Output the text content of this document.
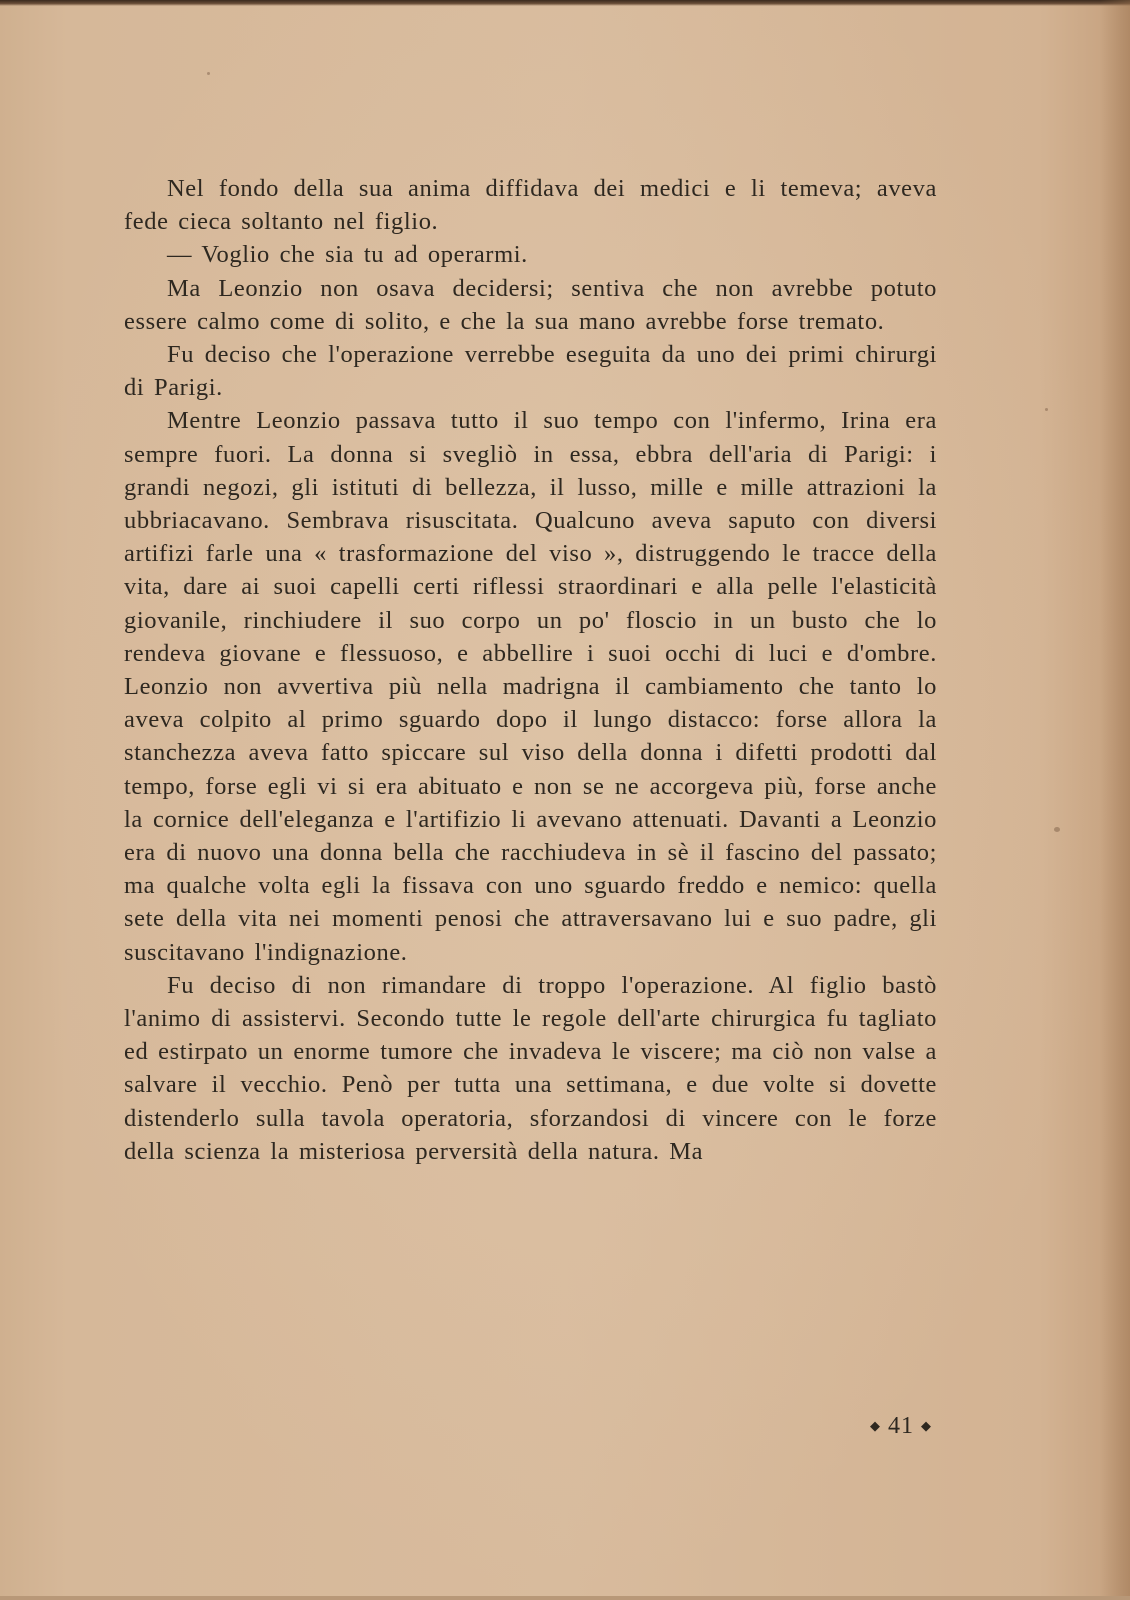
Nel fondo della sua anima diffidava dei medici e li temeva; aveva fede cieca soltanto nel figlio.

— Voglio che sia tu ad operarmi.

Ma Leonzio non osava decidersi; sentiva che non avrebbe potuto essere calmo come di solito, e che la sua mano avrebbe forse tremato.

Fu deciso che l'operazione verrebbe eseguita da uno dei primi chirurgi di Parigi.

Mentre Leonzio passava tutto il suo tempo con l'infermo, Irina era sempre fuori. La donna si svegliò in essa, ebbra dell'aria di Parigi: i grandi negozi, gli istituti di bellezza, il lusso, mille e mille attrazioni la ubbriacavano. Sembrava risuscitata. Qualcuno aveva saputo con diversi artifizi farle una « trasformazione del viso », distruggendo le tracce della vita, dare ai suoi capelli certi riflessi straordinari e alla pelle l'elasticità giovanile, rinchiudere il suo corpo un po' floscio in un busto che lo rendeva giovane e flessuoso, e abbellire i suoi occhi di luci e d'ombre. Leonzio non avvertiva più nella madrigna il cambiamento che tanto lo aveva colpito al primo sguardo dopo il lungo distacco: forse allora la stanchezza aveva fatto spiccare sul viso della donna i difetti prodotti dal tempo, forse egli vi si era abituato e non se ne accorgeva più, forse anche la cornice dell'eleganza e l'artifizio li avevano attenuati. Davanti a Leonzio era di nuovo una donna bella che racchiudeva in sè il fascino del passato; ma qualche volta egli la fissava con uno sguardo freddo e nemico: quella sete della vita nei momenti penosi che attraversavano lui e suo padre, gli suscitavano l'indignazione.

Fu deciso di non rimandare di troppo l'operazione. Al figlio bastò l'animo di assistervi. Secondo tutte le regole dell'arte chirurgica fu tagliato ed estirpato un enorme tumore che invadeva le viscere; ma ciò non valse a salvare il vecchio. Penò per tutta una settimana, e due volte si dovette distenderlo sulla tavola operatoria, sforzandosi di vincere con le forze della scienza la misteriosa perversità della natura. Ma

◆ 41 ◆
